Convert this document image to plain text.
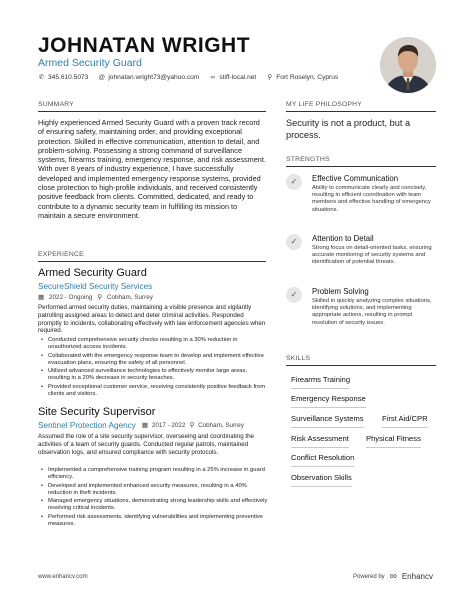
JOHNATAN WRIGHT
Armed Security Guard
✆ 345.610.5073 @ johnatan.wright73@yahoo.com ∞ stiff-local.net ⚲ Fort Roselyn, Cyprus
SUMMARY
Highly experienced Armed Security Guard with a proven track record of ensuring safety, maintaining order, and providing exceptional protection. Skilled in effective communication, attention to detail, and problem-solving. Possessing a strong command of surveillance systems, firearms training, emergency response, and risk assessment. With over 8 years of industry experience, I have successfully developed and implemented emergency response systems, provided close protection to high-profile individuals, and received consistently positive feedback from clients. Committed, dedicated, and ready to contribute to a dynamic security team in fulfilling its mission to maintain a secure environment.
EXPERIENCE
Armed Security Guard
SecureShield Security Services
▦ 2022 - Ongoing ⚲ Cobham, Surrey
Performed armed security duties, maintaining a visible presence and vigilantly patrolling assigned areas to detect and deter criminal activities. Responded promptly to incidents, collaborating effectively with law enforcement agencies when required.
• Conducted comprehensive security checks resulting in a 30% reduction in unauthorized access incidents.
• Collaborated with the emergency response team to develop and implement effective evacuation plans, ensuring the safety of all personnel.
• Utilized advanced surveillance technologies to effectively monitor large areas, resulting in a 20% decrease in security breaches.
• Provided exceptional customer service, receiving consistently positive feedback from clients and visitors.
Site Security Supervisor
Sentinel Protection Agency ▦ 2017 - 2022 ⚲ Cobham, Surrey
Assumed the role of a site security supervisor, overseeing and coordinating the activities of a team of security guards. Conducted regular patrols, maintained observation logs, and ensured compliance with security protocols.
• Implemented a comprehensive training program resulting in a 25% increase in guard efficiency.
• Developed and implemented enhanced security measures, resulting in a 40% reduction in theft incidents.
• Managed emergency situations, demonstrating strong leadership skills and effectively resolving critical incidents.
• Performed risk assessments, identifying vulnerabilities and implementing preventive measures.
MY LIFE PHILOSOPHY
Security is not a product, but a process.
STRENGTHS
✓	Effective Communication
Ability to communicate clearly and concisely, resulting in efficient coordination with team members and effective handling of emergency situations.
✓	Attention to Detail
Strong focus on detail-oriented tasks, ensuring accurate monitoring of security systems and identification of potential threats.
✓	Problem Solving
Skilled in quickly analyzing complex situations, identifying solutions, and implementing appropriate actions, resulting in prompt resolution of security issues.
SKILLS
Firearms Training
Emergency Response
Surveillance Systems First Aid/CPR
Risk Assessment Physical Fitness
Conflict Resolution
Observation Skills
www.enhancv.com	Powered by ∞ Enhancv
